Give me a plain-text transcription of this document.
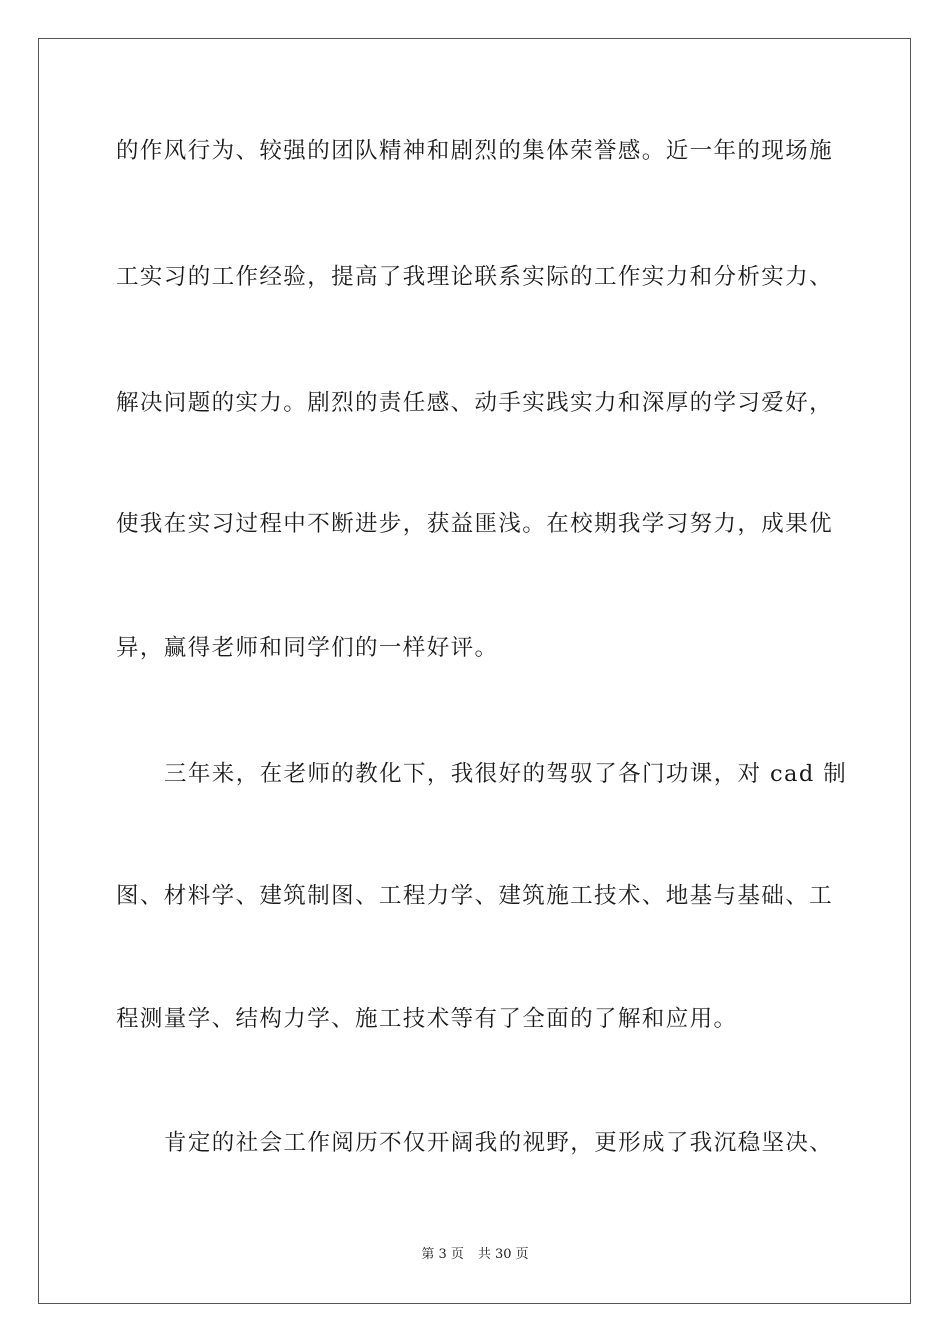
的作风行为、较强的团队精神和剧烈的集体荣誉感。近一年的现场施
工实习的工作经验，提高了我理论联系实际的工作实力和分析实力、
解决问题的实力。剧烈的责任感、动手实践实力和深厚的学习爱好，
使我在实习过程中不断进步，获益匪浅。在校期我学习努力，成果优
异，赢得老师和同学们的一样好评。
三年来，在老师的教化下，我很好的驾驭了各门功课，对 cad 制
图、材料学、建筑制图、工程力学、建筑施工技术、地基与基础、工
程测量学、结构力学、施工技术等有了全面的了解和应用。
肯定的社会工作阅历不仅开阔我的视野，更形成了我沉稳坚决、
第 3 页 共 30 页
